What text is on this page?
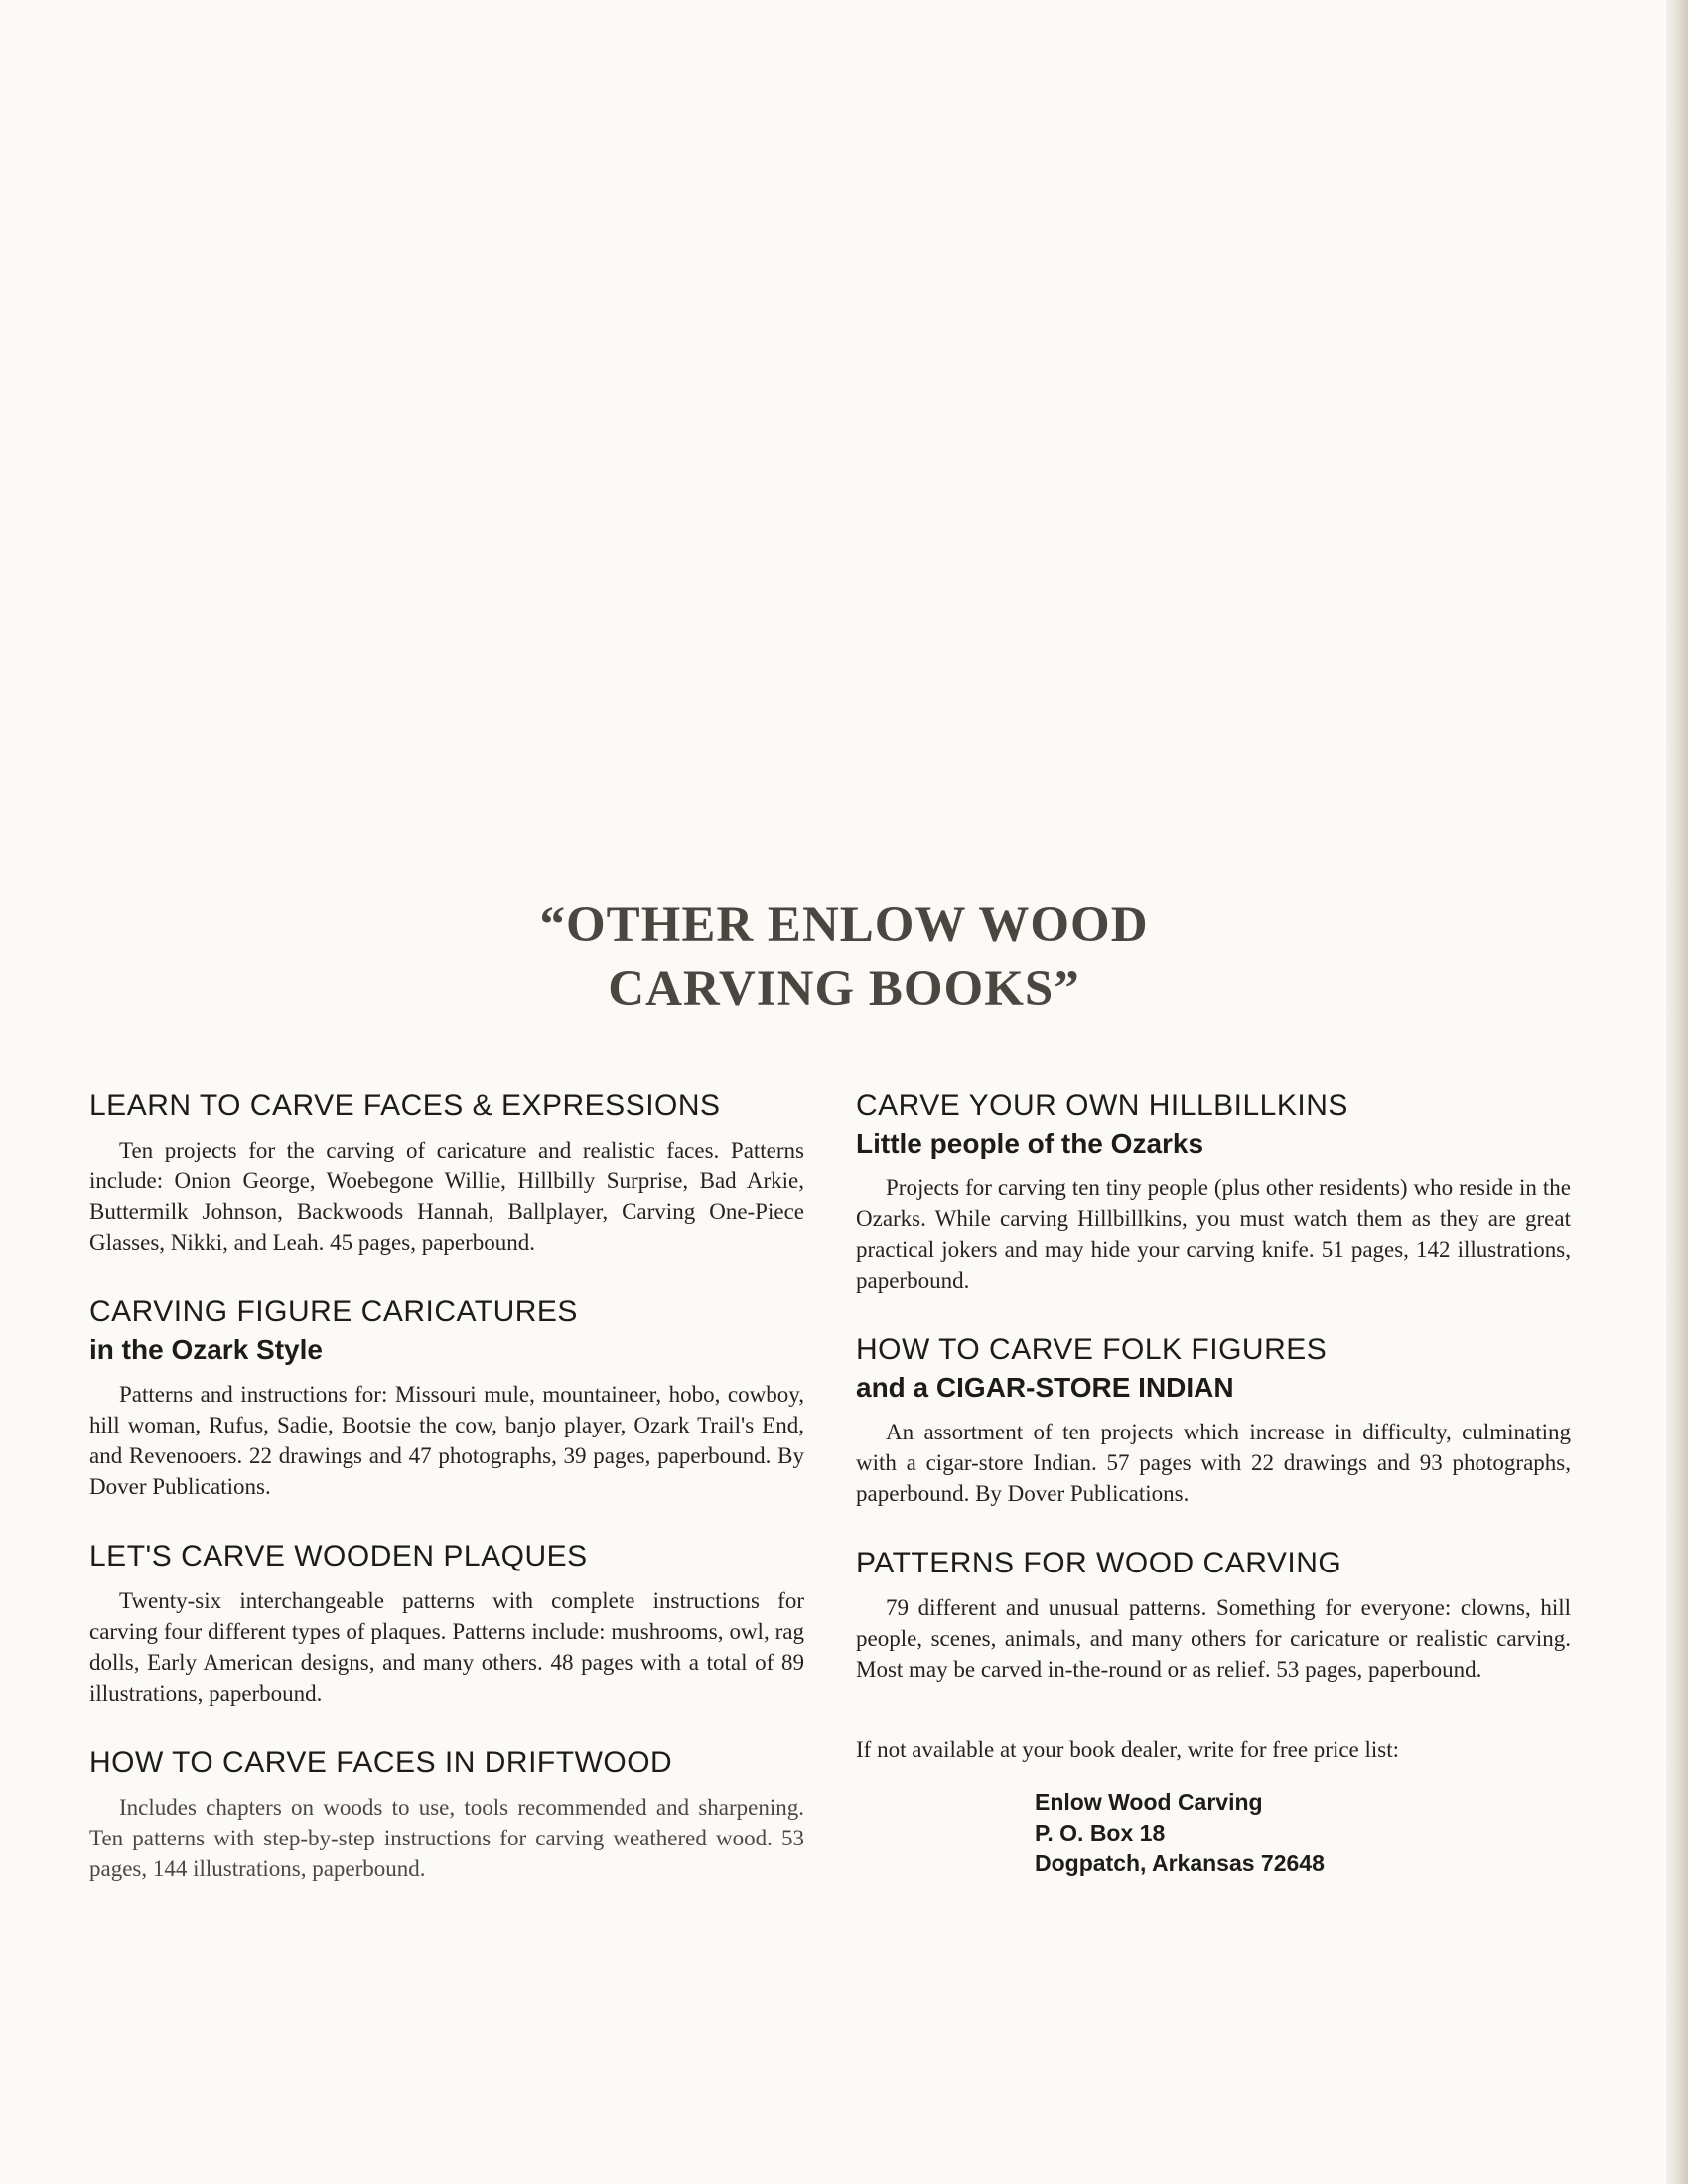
“OTHER ENLOW WOOD
CARVING BOOKS”
LEARN TO CARVE FACES & EXPRESSIONS
Ten projects for the carving of caricature and realistic faces. Patterns include: Onion George, Woebegone Willie, Hillbilly Surprise, Bad Arkie, Buttermilk Johnson, Backwoods Hannah, Ballplayer, Carving One-Piece Glasses, Nikki, and Leah. 45 pages, paperbound.
CARVING FIGURE CARICATURES
in the Ozark Style
Patterns and instructions for: Missouri mule, mountaineer, hobo, cowboy, hill woman, Rufus, Sadie, Bootsie the cow, banjo player, Ozark Trail's End, and Revenooers. 22 drawings and 47 photographs, 39 pages, paperbound. By Dover Publications.
LET'S CARVE WOODEN PLAQUES
Twenty-six interchangeable patterns with complete instructions for carving four different types of plaques. Patterns include: mushrooms, owl, rag dolls, Early American designs, and many others. 48 pages with a total of 89 illustrations, paperbound.
HOW TO CARVE FACES IN DRIFTWOOD
Includes chapters on woods to use, tools recommended and sharpening. Ten patterns with step-by-step instructions for carving weathered wood. 53 pages, 144 illustrations, paperbound.
CARVE YOUR OWN HILLBILLKINS
Little people of the Ozarks
Projects for carving ten tiny people (plus other residents) who reside in the Ozarks. While carving Hillbillkins, you must watch them as they are great practical jokers and may hide your carving knife. 51 pages, 142 illustrations, paperbound.
HOW TO CARVE FOLK FIGURES
and a CIGAR-STORE INDIAN
An assortment of ten projects which increase in difficulty, culminating with a cigar-store Indian. 57 pages with 22 drawings and 93 photographs, paperbound. By Dover Publications.
PATTERNS FOR WOOD CARVING
79 different and unusual patterns. Something for everyone: clowns, hill people, scenes, animals, and many others for caricature or realistic carving. Most may be carved in-the-round or as relief. 53 pages, paperbound.
If not available at your book dealer, write for free price list:
Enlow Wood Carving
P. O. Box 18
Dogpatch, Arkansas 72648
